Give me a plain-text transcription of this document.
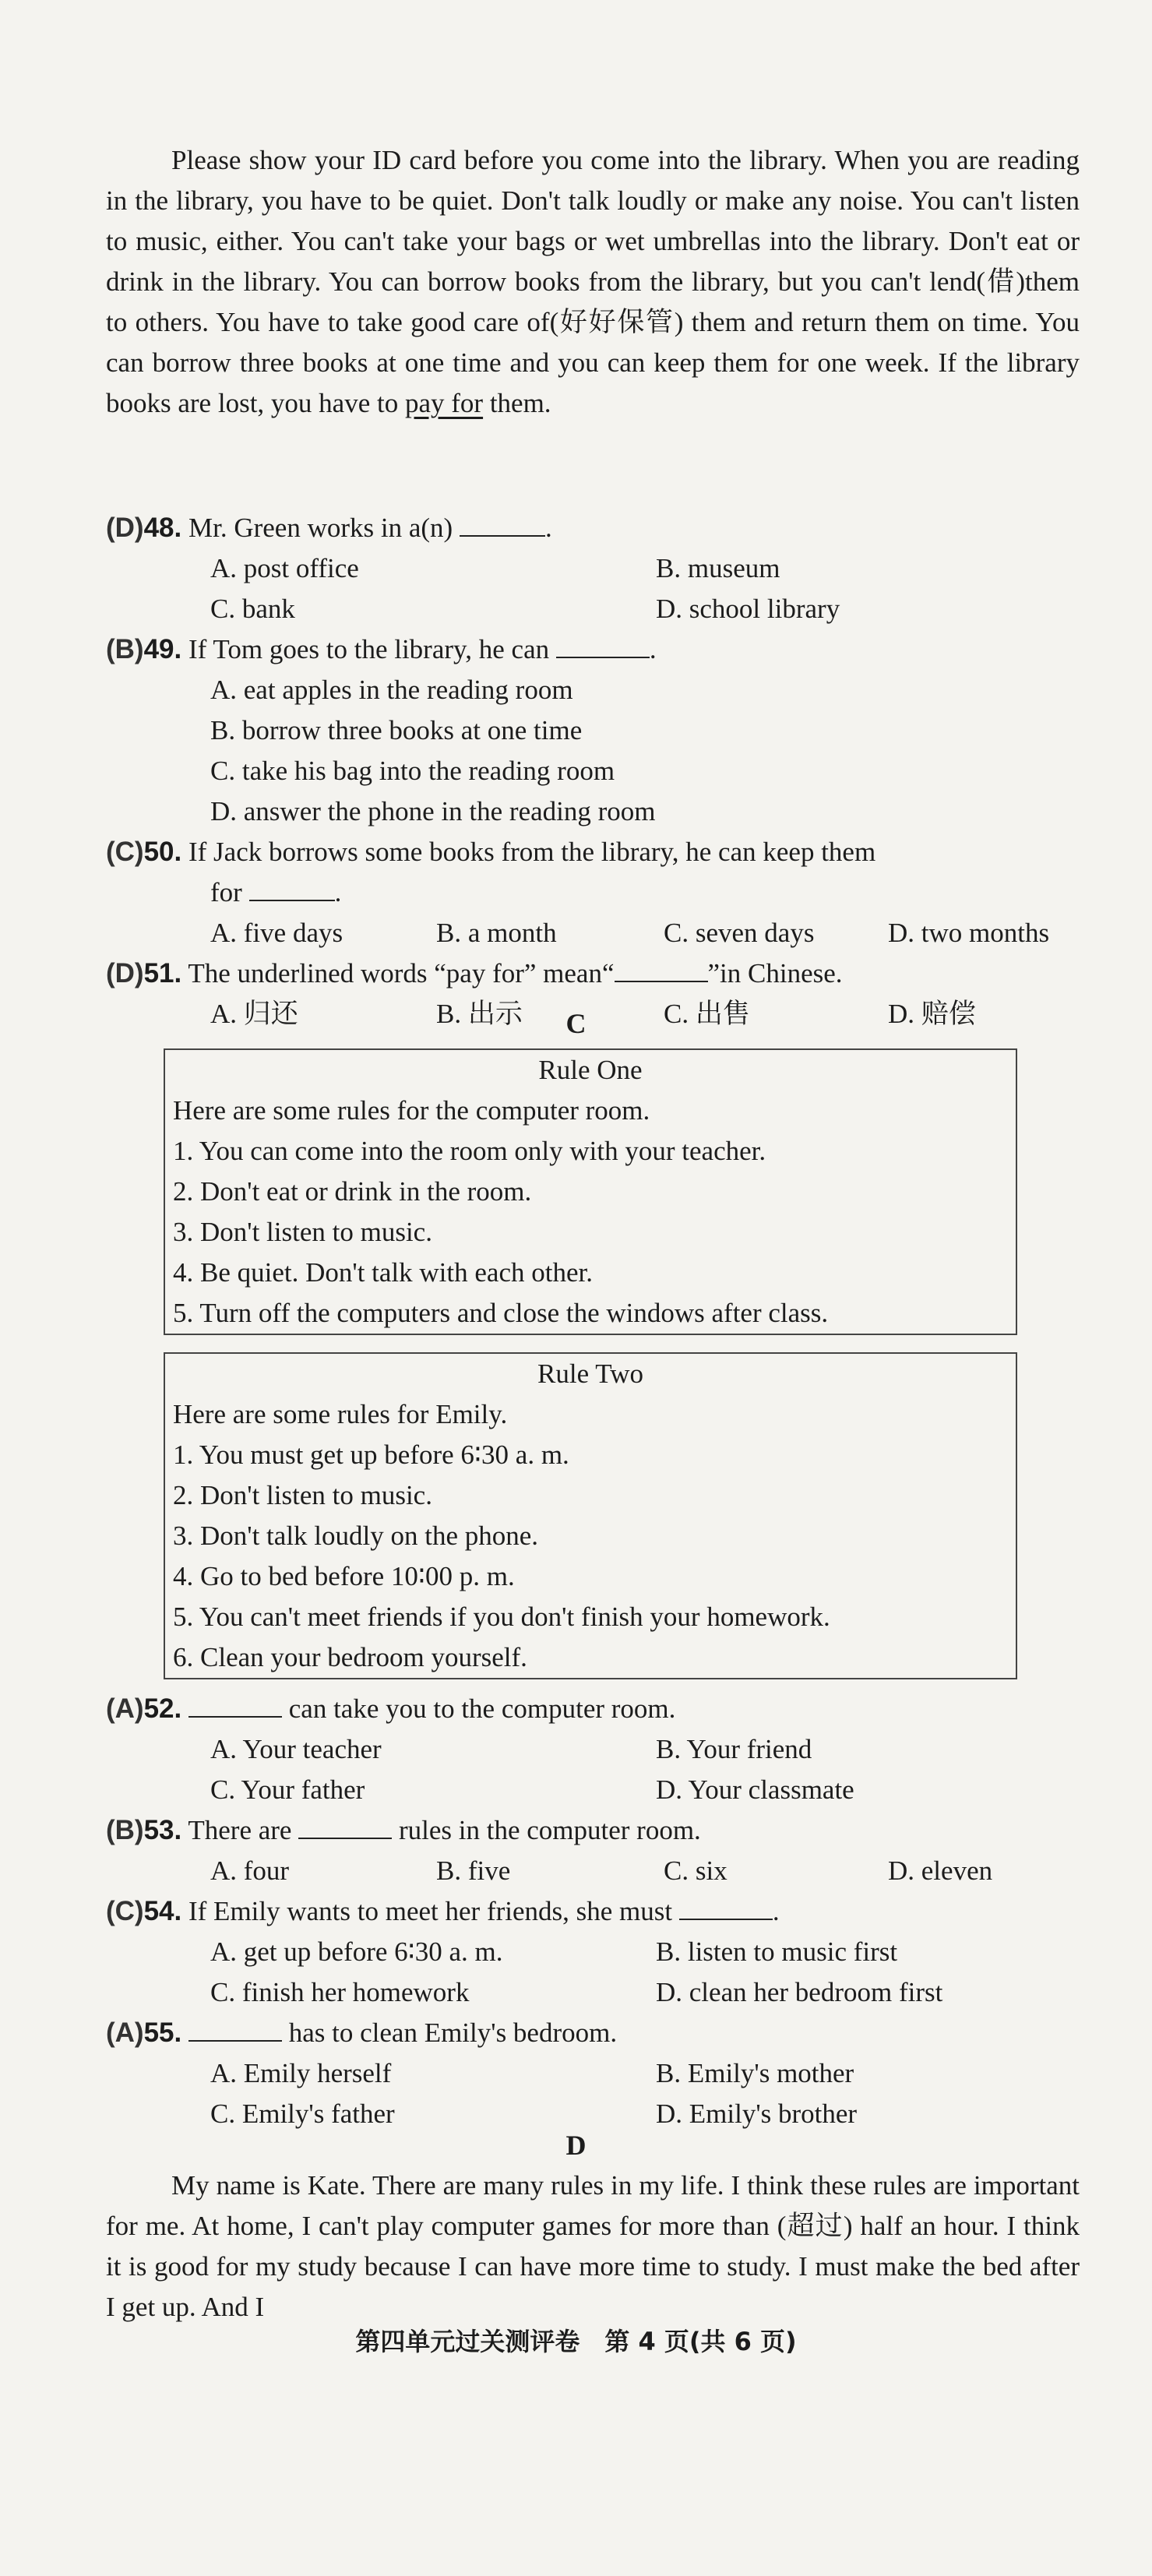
Please show your ID card before you come into the library. When you are reading in the library, you have to be quiet. Don't talk loudly or make any noise. You can't listen to music, either. You can't take your bags or wet umbrellas into the library. Don't eat or drink in the library. You can borrow books from the library, but you can't lend(借)them to others. You have to take good care of(好好保管) them and return them on time. You can borrow three books at one time and you can keep them for one week. If the library books are lost, you have to pay for them.

(D)48. Mr. Green works in a(n)	.
A. post office	B. museum
C. bank	D. school library
(B)49. If Tom goes to the library, he can	.
A. eat apples in the reading room
B. borrow three books at one time
C. take his bag into the reading room
D. answer the phone in the reading room
(C)50. If Jack borrows some books from the library, he can keep them
for	.
A. five days	B. a month	C. seven days	D. two months
(D)51. The underlined words “pay for” mean“	”in Chinese.
A. 归还	B. 出示	C. 出售	D. 赔偿
C
Rule One
Here are some rules for the computer room.
1. You can come into the room only with your teacher.
2. Don't eat or drink in the room.
3. Don't listen to music.
4. Be quiet. Don't talk with each other.
5. Turn off the computers and close the windows after class.
Rule Two
Here are some rules for Emily.
1. You must get up before 6∶30 a. m.
2. Don't listen to music.
3. Don't talk loudly on the phone.
4. Go to bed before 10∶00 p. m.
5. You can't meet friends if you don't finish your homework.
6. Clean your bedroom yourself.
(A)52.	can take you to the computer room.
A. Your teacher	B. Your friend
C. Your father	D. Your classmate
(B)53. There are	rules in the computer room.
A. four	B. five	C. six	D. eleven
(C)54. If Emily wants to meet her friends, she must	.
A. get up before 6∶30 a. m.	B. listen to music first
C. finish her homework	D. clean her bedroom first
(A)55.	has to clean Emily's bedroom.
A. Emily herself	B. Emily's mother
C. Emily's father	D. Emily's brother
D

My name is Kate. There are many rules in my life. I think these rules are important for me. At home, I can't play computer games for more than (超过) half an hour. I think it is good for my study because I can have more time to study. I must make the bed after I get up. And I

第四单元过关测评卷　第 4 页(共 6 页)
